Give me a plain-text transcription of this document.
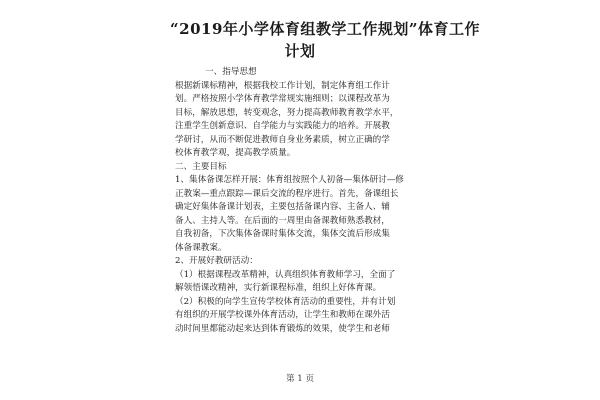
“2019年小学体育组教学工作规划”体育工作
计划
一、指导思想
根据新课标精神，根据我校工作计划，制定体育组工作计
划。严格按照小学体育教学常规实施细则；以课程改革为
目标，解放思想，转变观念，努力提高教师教育教学水平，
注重学生创新意识、自学能力与实践能力的培养。开展教
学研讨，从而不断促进教师自身业务素质，树立正确的学
校体育教学观，提高教学质量。
二、主要目标
1、集体备课怎样开展：体育组按照个人初备—集体研讨—修
正教案—重点跟踪—课后交流的程序进行。首先，备课组长
确定好集体备课计划表，主要包括备课内容、主备人、辅
备人、主持人等。在后面的一周里由备课教师熟悉教材，
自我初备，下次集体备课时集体交流，集体交流后形成集
体备课教案。
2、开展好教研活动：
（1）根据课程改革精神，认真组织体育教师学习，全面了
解领悟课改精神，实行新课程标准，组织上好体育课。
（2）积极的向学生宣传学校体育活动的重要性，并有计划
有组织的开展学校课外体育活动，让学生和教师在课外活
动时间里都能动起来达到体育锻炼的效果，使学生和老师
第 1 页
